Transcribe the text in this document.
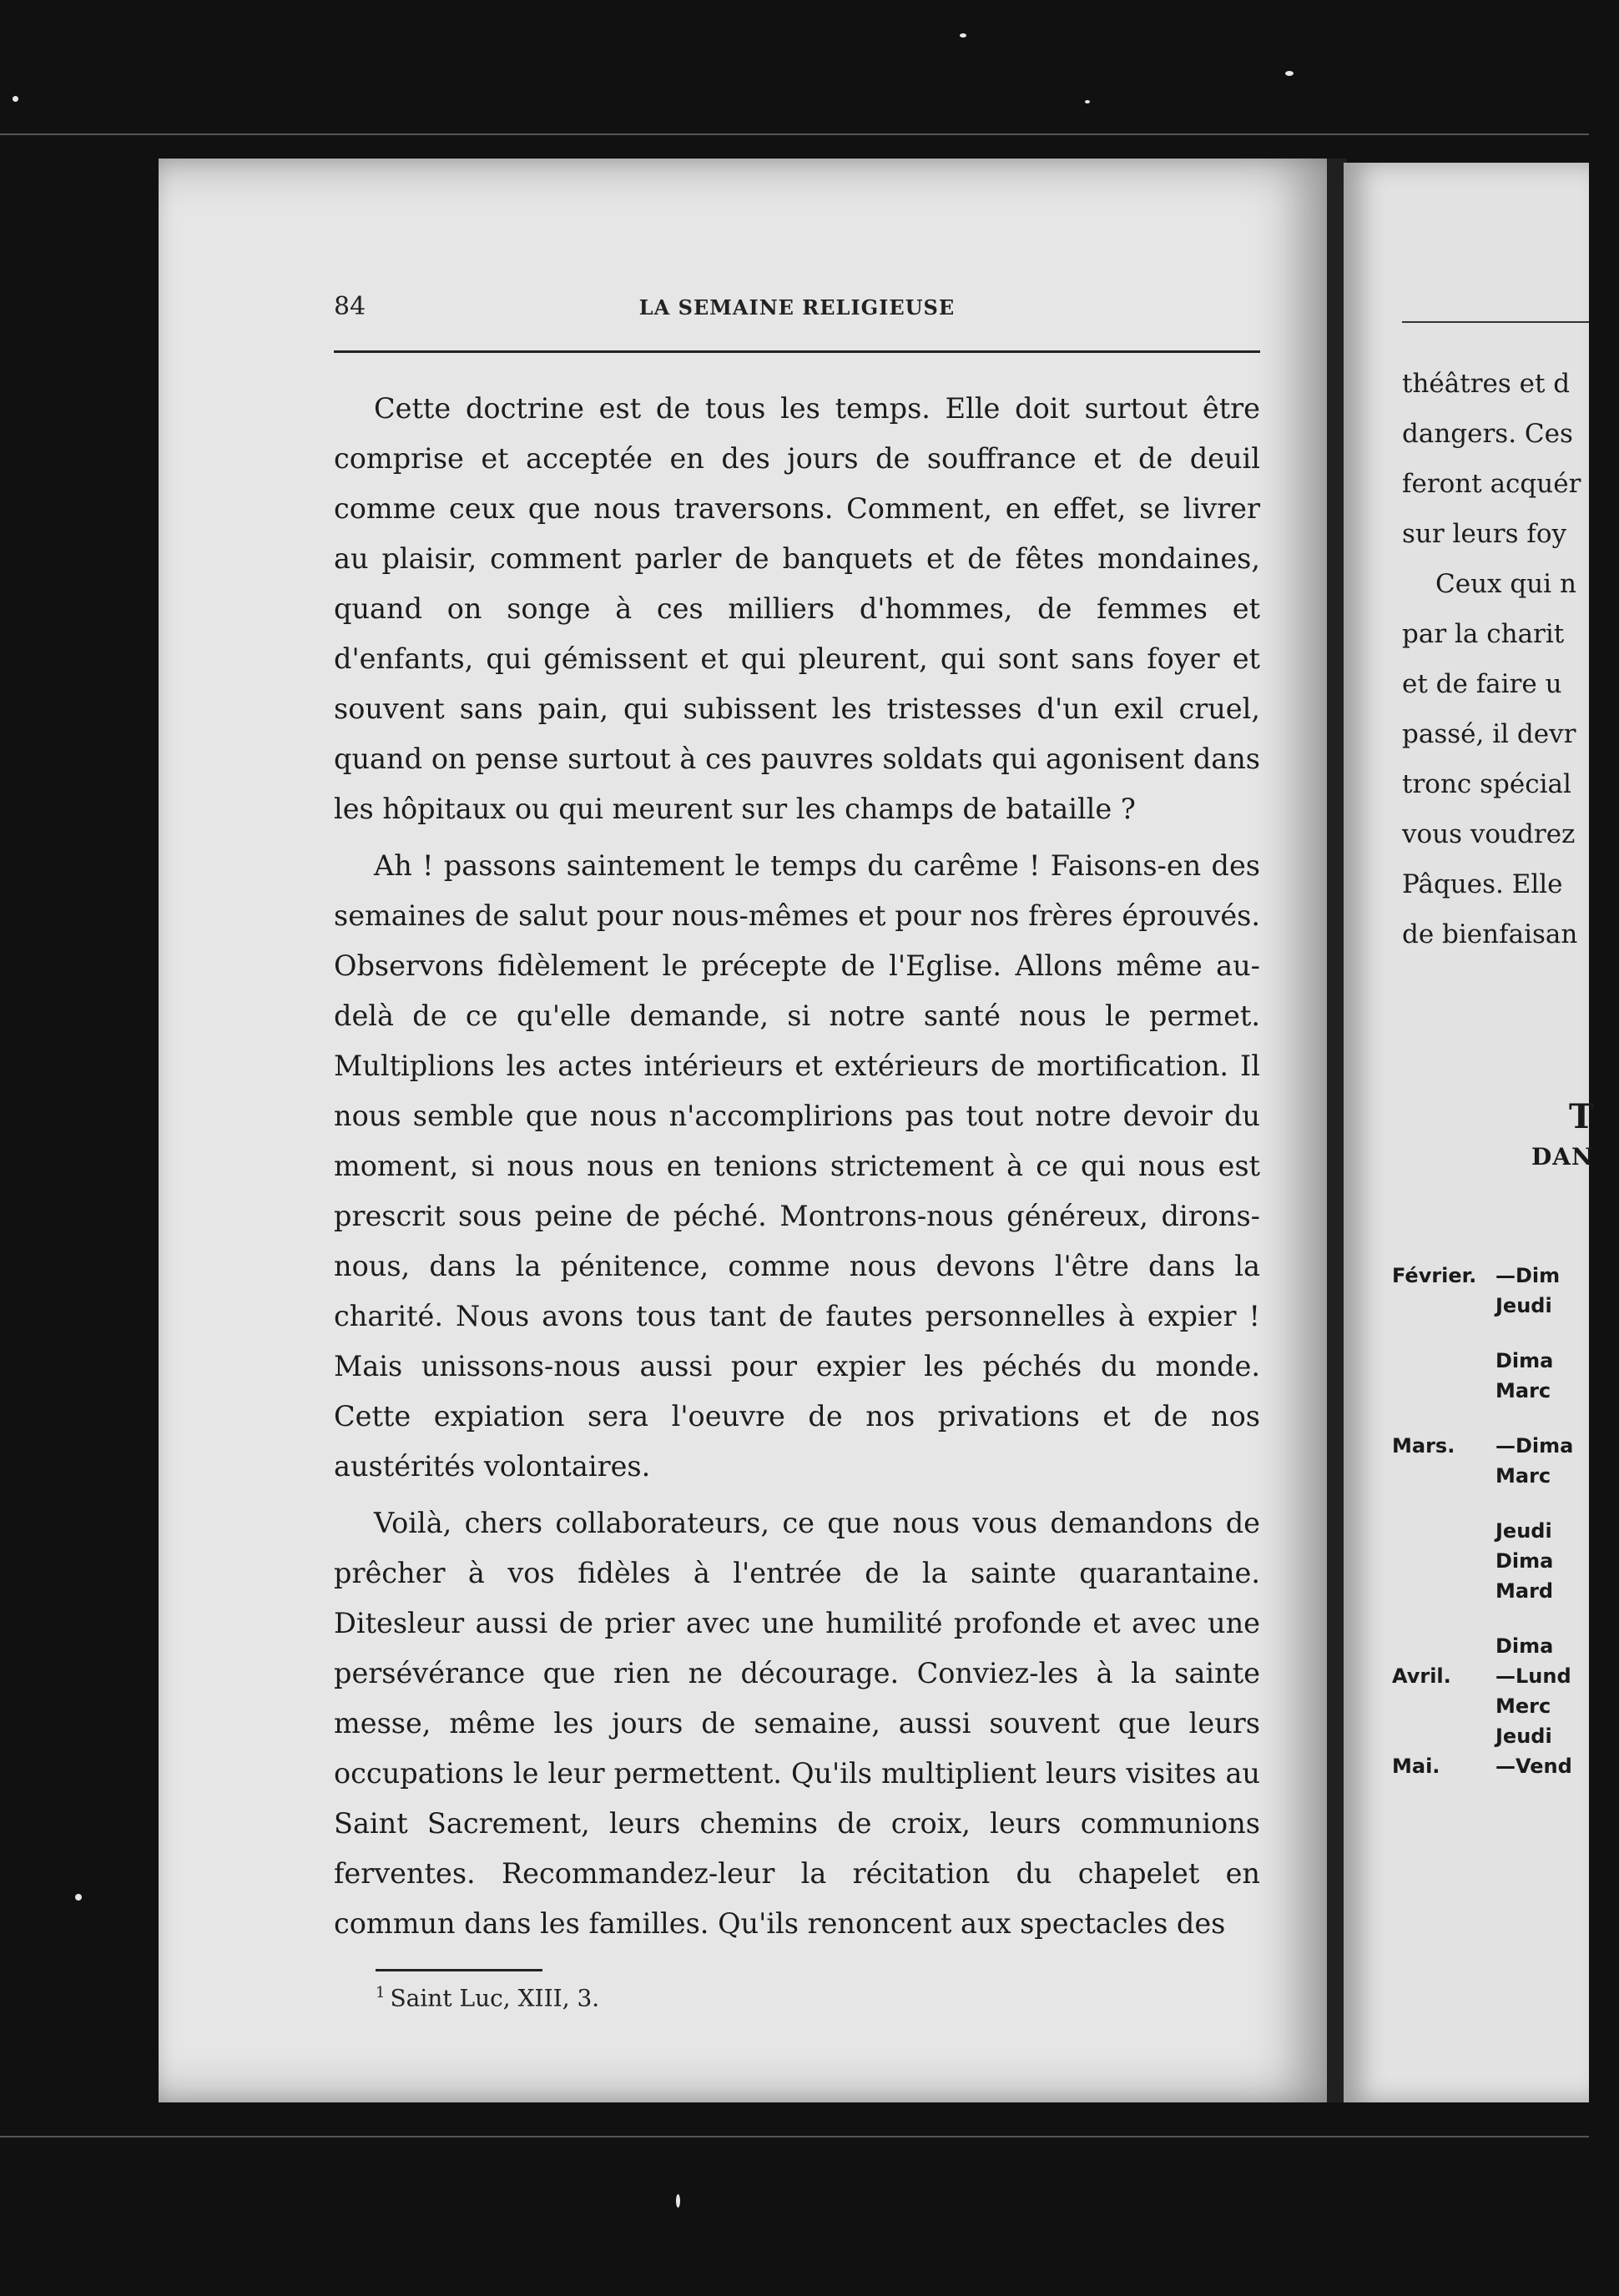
84	LA SEMAINE RELIGIEUSE

Cette doctrine est de tous les temps. Elle doit surtout être comprise et acceptée en des jours de souffrance et de deuil comme ceux que nous traversons. Comment, en effet, se livrer au plaisir, comment parler de banquets et de fêtes mondaines, quand on songe à ces milliers d'hommes, de femmes et d'enfants, qui gémissent et qui pleurent, qui sont sans foyer et souvent sans pain, qui subissent les tristesses d'un exil cruel, quand on pense surtout à ces pauvres soldats qui agonisent dans les hôpitaux ou qui meurent sur les champs de bataille ?

Ah ! passons saintement le temps du carême ! Faisons-en des semaines de salut pour nous-mêmes et pour nos frères éprouvés. Observons fidèlement le précepte de l'Eglise. Allons même au-delà de ce qu'elle demande, si notre santé nous le permet. Multiplions les actes intérieurs et extérieurs de mortification. Il nous semble que nous n'accomplirions pas tout notre devoir du moment, si nous nous en tenions strictement à ce qui nous est prescrit sous peine de péché. Montrons-nous généreux, dirons-nous, dans la pénitence, comme nous devons l'être dans la charité. Nous avons tous tant de fautes personnelles à expier ! Mais unissons-nous aussi pour expier les péchés du monde. Cette expiation sera l'oeuvre de nos privations et de nos austérités volontaires.

Voilà, chers collaborateurs, ce que nous vous demandons de prêcher à vos fidèles à l'entrée de la sainte quarantaine. Ditesleur aussi de prier avec une humilité profonde et avec une persévérance que rien ne décourage. Conviez-les à la sainte messe, même les jours de semaine, aussi souvent que leurs occupations le leur permettent. Qu'ils multiplient leurs visites au Saint Sacrement, leurs chemins de croix, leurs communions ferventes. Recommandez-leur la récitation du chapelet en commun dans les familles. Qu'ils renoncent aux spectacles des

$^1$ Saint Luc, XIII, 3.
théâtres et d
dangers. Ces
feront acquér
sur leurs foy
Ceux qui n
par la charit
et de faire u
passé, il devr
tronc spécial
vous voudrez
Pâques. Elle
de bienfaisan
T
DAN
Février. —Dim
Jeudi
Dima
Marc
Mars. —Dima
Marc
Jeudi
Dima
Mard
Dima
Avril. —Lund
Merc
Jeudi
Mai.	—Vend
